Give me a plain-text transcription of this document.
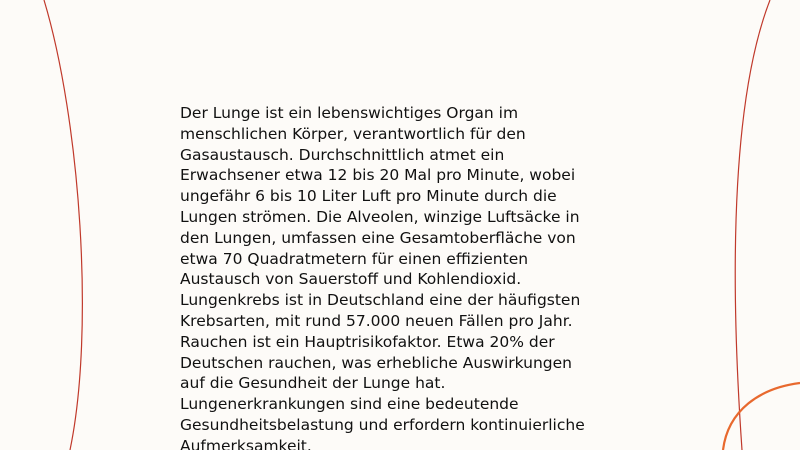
Der Lunge ist ein lebenswichtiges Organ im
menschlichen Körper, verantwortlich für den
Gasaustausch. Durchschnittlich atmet ein
Erwachsener etwa 12 bis 20 Mal pro Minute, wobei
ungefähr 6 bis 10 Liter Luft pro Minute durch die
Lungen strömen. Die Alveolen, winzige Luftsäcke in
den Lungen, umfassen eine Gesamtoberfläche von
etwa 70 Quadratmetern für einen effizienten
Austausch von Sauerstoff und Kohlendioxid.
Lungenkrebs ist in Deutschland eine der häufigsten
Krebsarten, mit rund 57.000 neuen Fällen pro Jahr.
Rauchen ist ein Hauptrisikofaktor. Etwa 20% der
Deutschen rauchen, was erhebliche Auswirkungen
auf die Gesundheit der Lunge hat.
Lungenerkrankungen sind eine bedeutende
Gesundheitsbelastung und erfordern kontinuierliche
Aufmerksamkeit.
